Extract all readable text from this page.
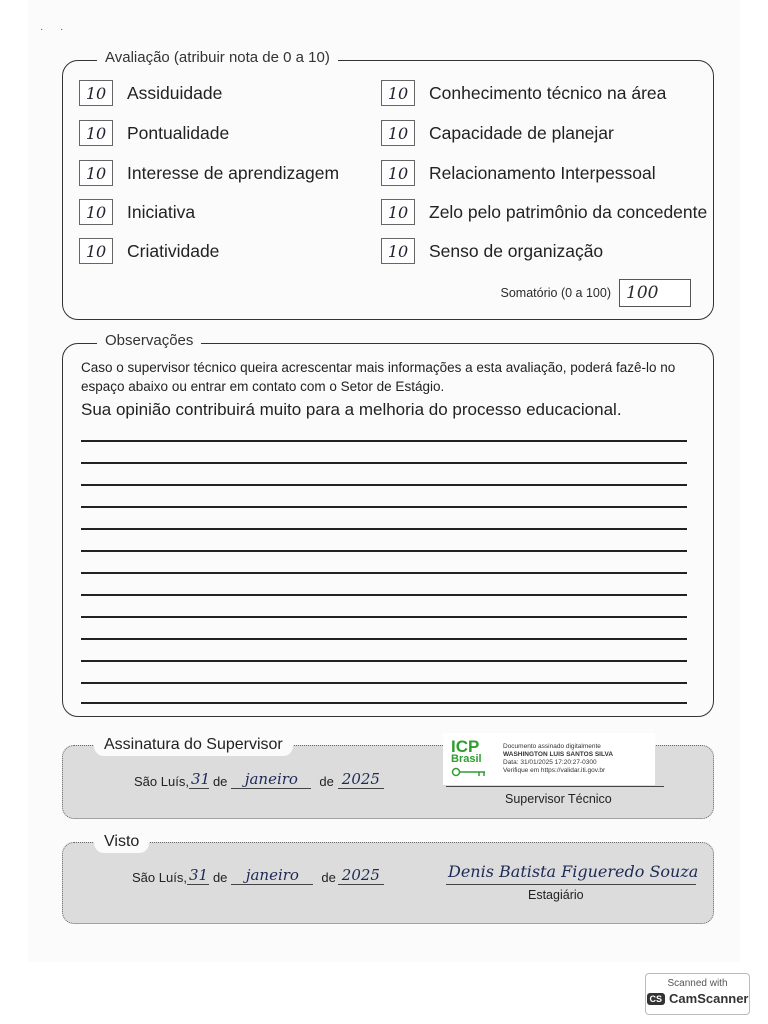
·      ·
Avaliação (atribuir nota de 0 a 10)
10	Assiduidade
10	Pontualidade
10	Interesse de aprendizagem
10	Iniciativa
10	Criatividade
10	Conhecimento técnico na área
10	Capacidade de planejar
10	Relacionamento Interpessoal
10	Zelo pelo patrimônio da concedente
10	Senso de organização
Somatório (0 a 100) 100
Observações
Caso o supervisor técnico queira acrescentar mais informações a esta avaliação, poderá fazê-lo no espaço abaixo ou entrar em contato com o Setor de Estágio.
Sua opinião contribuirá muito para a melhoria do processo educacional.
Assinatura do Supervisor
São Luís, 31 de	janeiro	de 2025
ICP
Brasil
Documento assinado digitalmente
WASHINGTON LUIS SANTOS SILVA
Data: 31/01/2025 17:20:27-0300
Verifique em https://validar.iti.gov.br
Supervisor Técnico
Visto
São Luís, 31 de	janeiro	de 2025	Denis Batista Figueredo Souza
Estagiário
Scanned with
CS CamScanner
